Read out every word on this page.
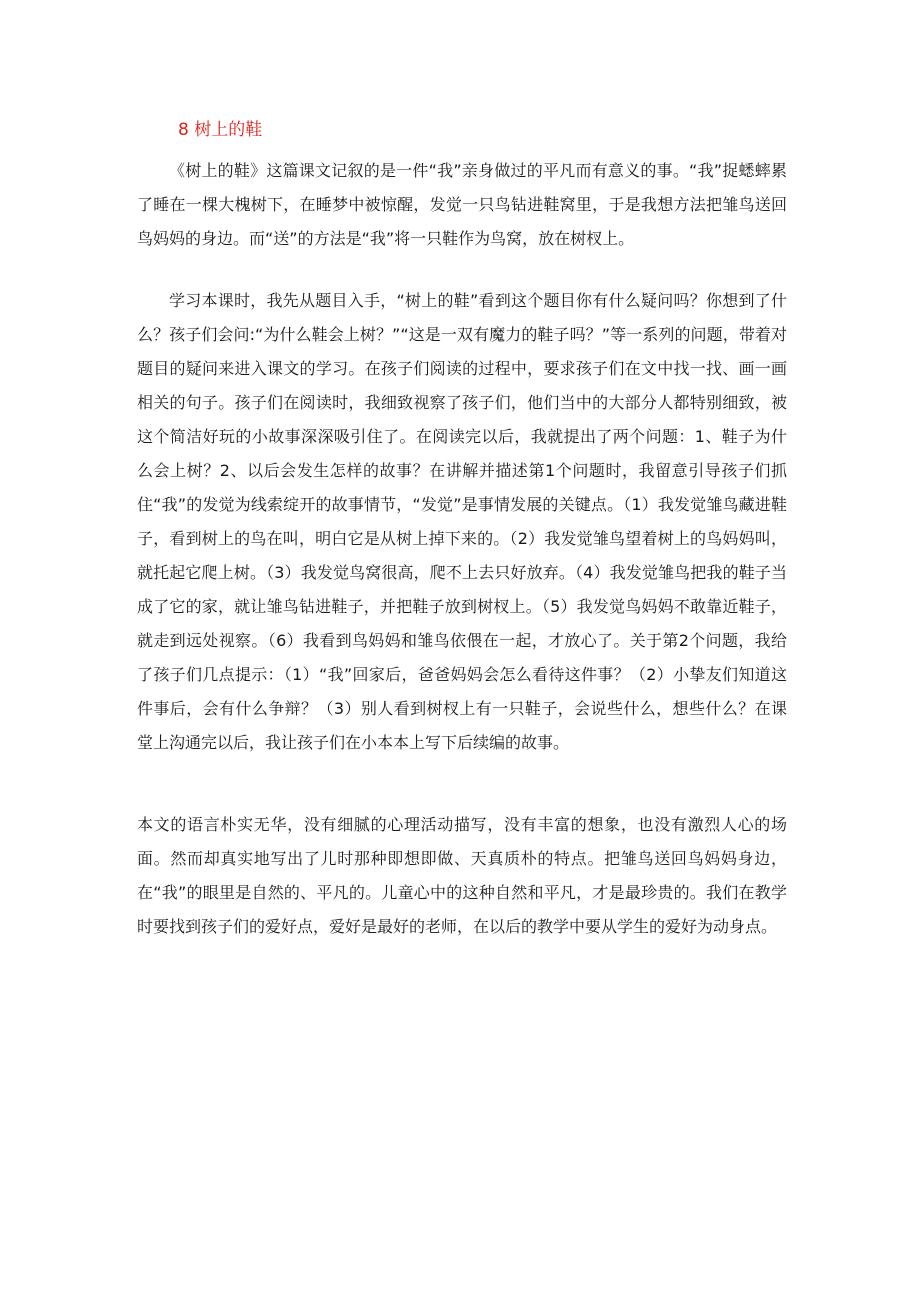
8 树上的鞋

《树上的鞋》这篇课文记叙的是一件“我”亲身做过的平凡而有意义的事。“我”捉蟋蟀累了睡在一棵大槐树下，在睡梦中被惊醒，发觉一只鸟钻进鞋窝里，于是我想方法把雏鸟送回鸟妈妈的身边。而“送”的方法是“我”将一只鞋作为鸟窝，放在树杈上。

学习本课时，我先从题目入手，“树上的鞋”看到这个题目你有什么疑问吗？你想到了什么？孩子们会问:“为什么鞋会上树？”“这是一双有魔力的鞋子吗？”等一系列的问题，带着对题目的疑问来进入课文的学习。在孩子们阅读的过程中，要求孩子们在文中找一找、画一画相关的句子。孩子们在阅读时，我细致视察了孩子们，他们当中的大部分人都特别细致，被这个简洁好玩的小故事深深吸引住了。在阅读完以后，我就提出了两个问题：1、鞋子为什么会上树？2、以后会发生怎样的故事？在讲解并描述第1个问题时，我留意引导孩子们抓住“我”的发觉为线索绽开的故事情节，“发觉”是事情发展的关键点。（1）我发觉雏鸟藏进鞋子，看到树上的鸟在叫，明白它是从树上掉下来的。（2）我发觉雏鸟望着树上的鸟妈妈叫，就托起它爬上树。（3）我发觉鸟窝很高，爬不上去只好放弃。（4）我发觉雏鸟把我的鞋子当成了它的家，就让雏鸟钻进鞋子，并把鞋子放到树杈上。（5）我发觉鸟妈妈不敢靠近鞋子，就走到远处视察。（6）我看到鸟妈妈和雏鸟依偎在一起，才放心了。关于第2个问题，我给了孩子们几点提示：（1）“我”回家后，爸爸妈妈会怎么看待这件事？（2）小挚友们知道这件事后，会有什么争辩？（3）别人看到树杈上有一只鞋子，会说些什么，想些什么？在课堂上沟通完以后，我让孩子们在小本本上写下后续编的故事。

本文的语言朴实无华，没有细腻的心理活动描写，没有丰富的想象，也没有激烈人心的场面。然而却真实地写出了儿时那种即想即做、天真质朴的特点。把雏鸟送回鸟妈妈身边，在“我”的眼里是自然的、平凡的。儿童心中的这种自然和平凡，才是最珍贵的。我们在教学时要找到孩子们的爱好点，爱好是最好的老师，在以后的教学中要从学生的爱好为动身点。
